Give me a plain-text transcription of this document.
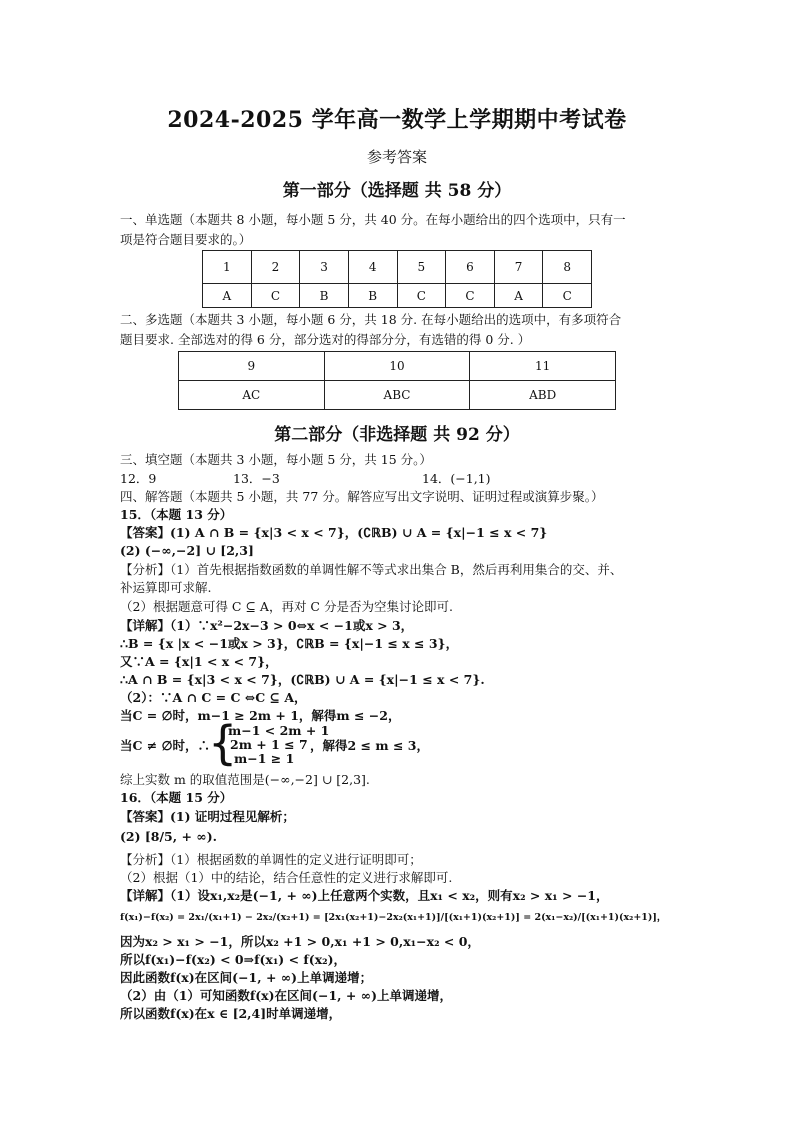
2024-2025 学年高一数学上学期期中考试卷
参考答案
第一部分（选择题 共 58 分）
一、单选题（本题共 8 小题，每小题 5 分，共 40 分。在每小题给出的四个选项中，只有一
项是符合题目要求的。）
1	2	3	4	5	6	7	8
A	C	B	B	C	C	A	C
二、多选题（本题共 3 小题，每小题 6 分，共 18 分. 在每小题给出的选项中，有多项符合
题目要求. 全部选对的得 6 分，部分选对的得部分分，有选错的得 0 分. ）
9	10	11
AC	ABC	ABD
第二部分（非选择题 共 92 分）
三、填空题（本题共 3 小题，每小题 5 分，共 15 分。）
12．9	13．−3	14．(−1,1)
四、解答题（本题共 5 小题，共 77 分。解答应写出文字说明、证明过程或演算步聚。）
15．（本题 13 分）
【答案】(1) A ∩ B = {x|3 < x < 7}，(∁ℝB) ∪ A = {x|−1 ≤ x < 7}
(2) (−∞,−2] ∪ [2,3]
【分析】（1）首先根据指数函数的单调性解不等式求出集合 B，然后再利用集合的交、并、
补运算即可求解.
（2）根据题意可得 C ⊆ A，再对 C 分是否为空集讨论即可.
【详解】（1）∵x²−2x−3 > 0⇔x < −1或x > 3，
∴B = {x |x < −1或x > 3}，∁ℝB = {x|−1 ≤ x ≤ 3}，
又∵A = {x|1 < x < 7}，
∴A ∩ B = {x|3 < x < 7}，(∁ℝB) ∪ A = {x|−1 ≤ x < 7}.
（2）：∵A ∩ C = C ⇔C ⊆ A，
当C = ∅时，m−1 ≥ 2m + 1，解得m ≤ −2，
当C ≠ ∅时，∴
{
m−1 < 2m + 1
2m + 1 ≤ 7
m−1 ≥ 1
，解得2 ≤ m ≤ 3，
综上实数 m 的取值范围是(−∞,−2] ∪ [2,3].
16．（本题 15 分）
【答案】(1) 证明过程见解析；
(2) [8/5, + ∞).
【分析】（1）根据函数的单调性的定义进行证明即可；
（2）根据（1）中的结论，结合任意性的定义进行求解即可.
【详解】（1）设x₁,x₂是(−1, + ∞)上任意两个实数，且x₁ < x₂，则有x₂ > x₁ > −1，
f(x₁)−f(x₂) = 2x₁/(x₁+1) − 2x₂/(x₂+1) = [2x₁(x₂+1)−2x₂(x₁+1)]/[(x₁+1)(x₂+1)] = 2(x₁−x₂)/[(x₁+1)(x₂+1)]，
因为x₂ > x₁ > −1，所以x₂ +1 > 0,x₁ +1 > 0,x₁−x₂ < 0，
所以f(x₁)−f(x₂) < 0⇒f(x₁) < f(x₂)，
因此函数f(x)在区间(−1, + ∞)上单调递增；
（2）由（1）可知函数f(x)在区间(−1, + ∞)上单调递增，
所以函数f(x)在x ∈ [2,4]时单调递增，
